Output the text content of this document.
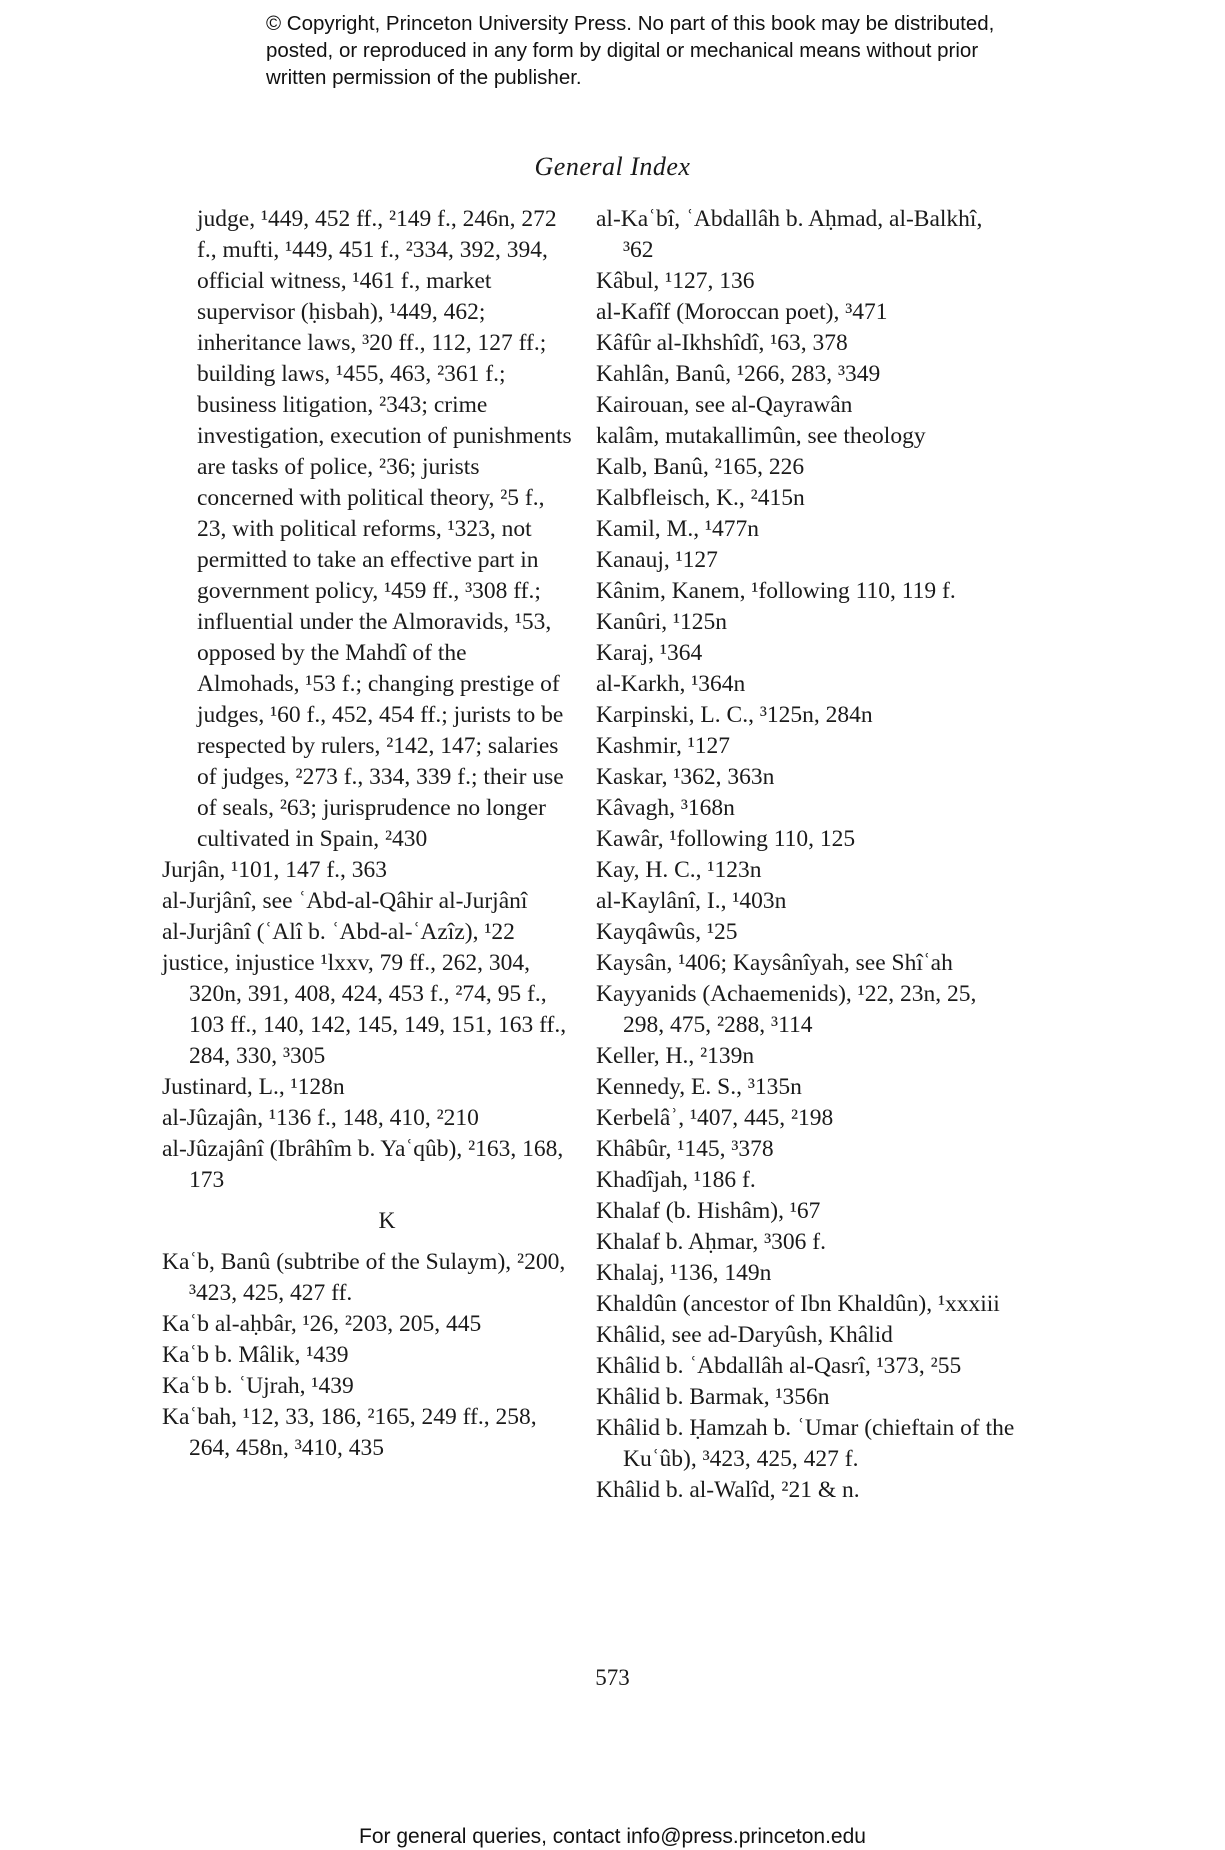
© Copyright, Princeton University Press. No part of this book may be distributed, posted, or reproduced in any form by digital or mechanical means without prior written permission of the publisher.
General Index

judge, ¹449, 452 ff., ²149 f., 246n, 272 f., mufti, ¹449, 451 f., ²334, 392, 394, official witness, ¹461 f., market supervisor (ḥisbah), ¹449, 462; inheritance laws, ³20 ff., 112, 127 ff.; building laws, ¹455, 463, ²361 f.; business litigation, ²343; crime investigation, execution of punishments are tasks of police, ²36; jurists concerned with political theory, ²5 f., 23, with political reforms, ¹323, not permitted to take an effective part in government policy, ¹459 ff., ³308 ff.; influential under the Almoravids, ¹53, opposed by the Mahdî of the Almohads, ¹53 f.; changing prestige of judges, ¹60 f., 452, 454 ff.; jurists to be respected by rulers, ²142, 147; salaries of judges, ²273 f., 334, 339 f.; their use of seals, ²63; jurisprudence no longer cultivated in Spain, ²430

Jurjân, ¹101, 147 f., 363

al-Jurjânî, see ʿAbd-al-Qâhir al-Jurjânî

al-Jurjânî (ʿAlî b. ʿAbd-al-ʿAzîz), ¹22

justice, injustice ¹lxxv, 79 ff., 262, 304, 320n, 391, 408, 424, 453 f., ²74, 95 f., 103 ff., 140, 142, 145, 149, 151, 163 ff., 284, 330, ³305

Justinard, L., ¹128n

al-Jûzajân, ¹136 f., 148, 410, ²210

al-Jûzajânî (Ibrâhîm b. Yaʿqûb), ²163, 168, 173

K

Kaʿb, Banû (subtribe of the Sulaym), ²200, ³423, 425, 427 ff.

Kaʿb al-aḥbâr, ¹26, ²203, 205, 445

Kaʿb b. Mâlik, ¹439

Kaʿb b. ʿUjrah, ¹439

Kaʿbah, ¹12, 33, 186, ²165, 249 ff., 258, 264, 458n, ³410, 435

al-Kaʿbî, ʿAbdallâh b. Aḥmad, al-Balkhî, ³62

Kâbul, ¹127, 136

al-Kafîf (Moroccan poet), ³471

Kâfûr al-Ikhshîdî, ¹63, 378

Kahlân, Banû, ¹266, 283, ³349

Kairouan, see al-Qayrawân

kalâm, mutakallimûn, see theology

Kalb, Banû, ²165, 226

Kalbfleisch, K., ²415n

Kamil, M., ¹477n

Kanauj, ¹127

Kânim, Kanem, ¹following 110, 119 f.

Kanûri, ¹125n

Karaj, ¹364

al-Karkh, ¹364n

Karpinski, L. C., ³125n, 284n

Kashmir, ¹127

Kaskar, ¹362, 363n

Kâvagh, ³168n

Kawâr, ¹following 110, 125

Kay, H. C., ¹123n

al-Kaylânî, I., ¹403n

Kayqâwûs, ¹25

Kaysân, ¹406; Kaysânîyah, see Shîʿah

Kayyanids (Achaemenids), ¹22, 23n, 25, 298, 475, ²288, ³114

Keller, H., ²139n

Kennedy, E. S., ³135n

Kerbelâʾ, ¹407, 445, ²198

Khâbûr, ¹145, ³378

Khadîjah, ¹186 f.

Khalaf (b. Hishâm), ¹67

Khalaf b. Aḥmar, ³306 f.

Khalaj, ¹136, 149n

Khaldûn (ancestor of Ibn Khaldûn), ¹xxxiii

Khâlid, see ad-Daryûsh, Khâlid

Khâlid b. ʿAbdallâh al-Qasrî, ¹373, ²55

Khâlid b. Barmak, ¹356n

Khâlid b. Ḥamzah b. ʿUmar (chieftain of the Kuʿûb), ³423, 425, 427 f.

Khâlid b. al-Walîd, ²21 & n.

573
For general queries, contact info@press.princeton.edu
